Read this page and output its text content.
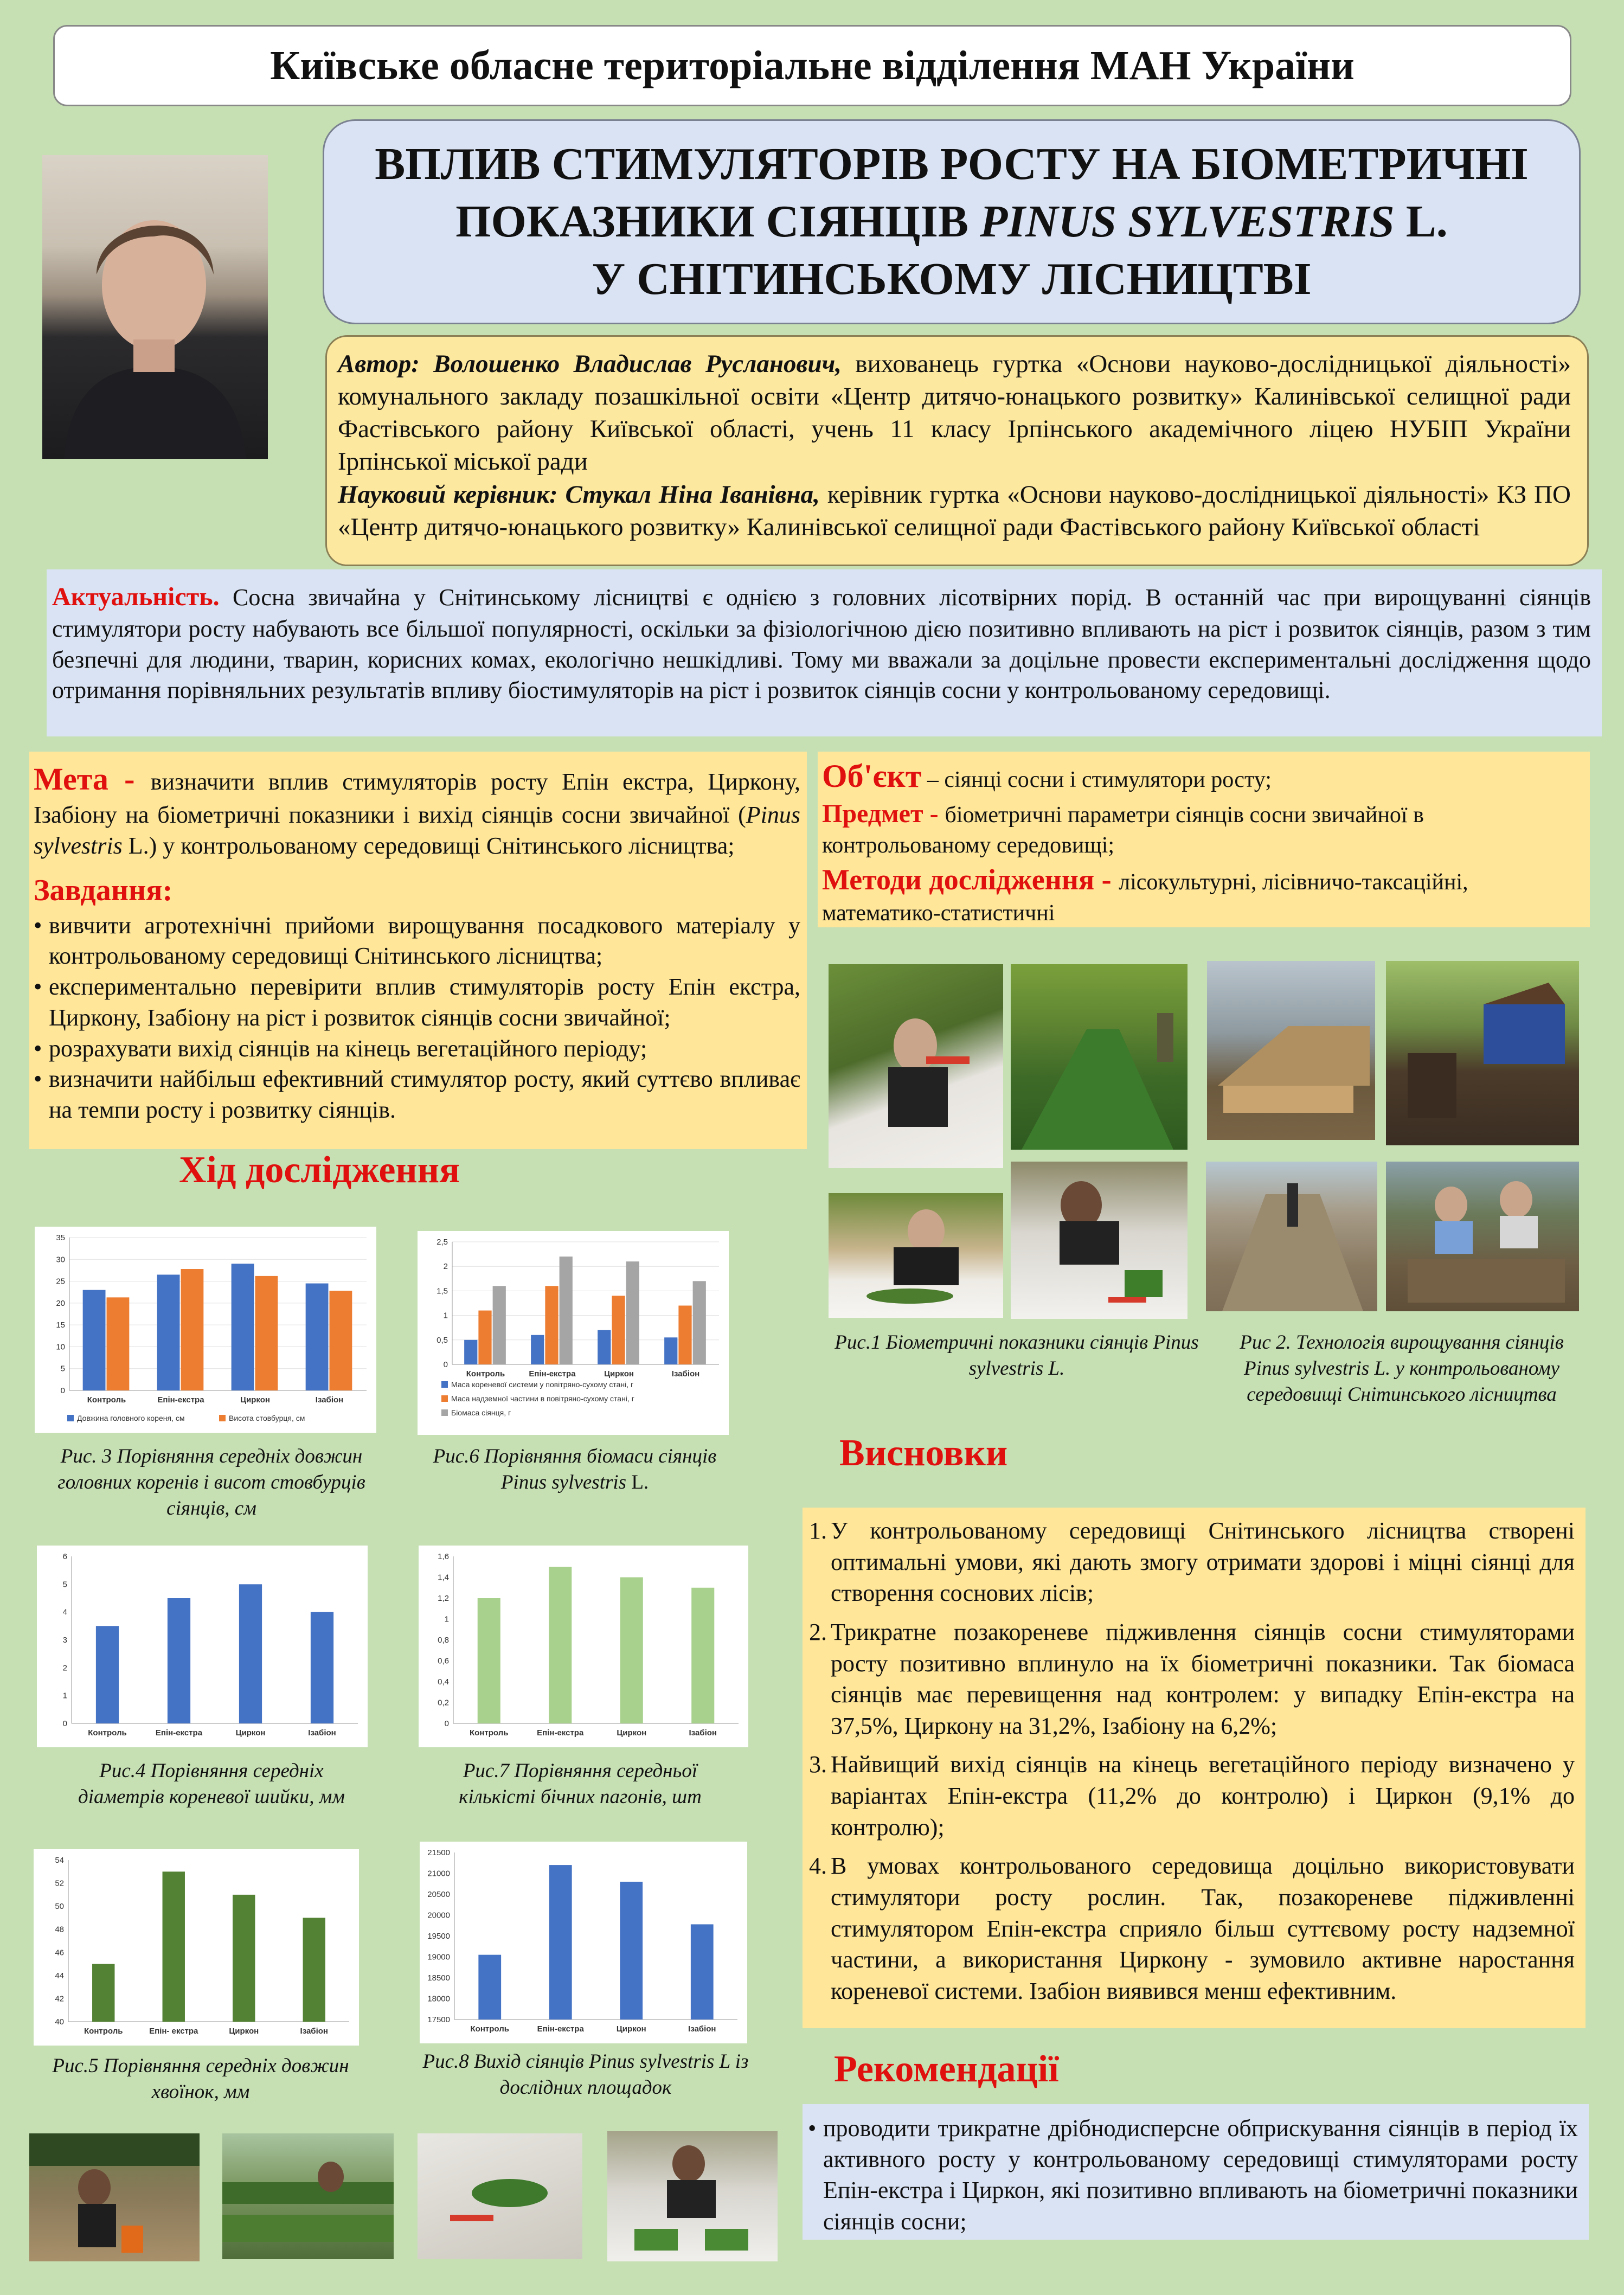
Київське обласне територіальне відділення МАН України
ВПЛИВ СТИМУЛЯТОРІВ РОСТУ НА БІОМЕТРИЧНІ
ПОКАЗНИКИ СІЯНЦІВ PINUS SYLVESTRIS L.
У СНІТИНСЬКОМУ ЛІСНИЦТВІ

Автор: Волошенко Владислав Русланович, вихованець гуртка «Основи науково-дослідницької діяльності» комунального закладу позашкільної освіти «Центр дитячо-юнацького розвитку» Калинівської селищної ради Фастівського району Київської області, учень 11 класу Ірпінського академічного ліцею НУБІП України Ірпінської міської ради

Науковий керівник: Стукал Ніна Іванівна, керівник гуртка «Основи науково-дослідницької діяльності» КЗ ПО «Центр дитячо-юнацького розвитку» Калинівської селищної ради Фастівського району Київської області

Актуальність. Сосна звичайна у Снітинському лісництві є однією з головних лісотвірних порід. В останній час при вирощуванні сіянців стимулятори росту набувають все більшої популярності, оскільки за фізіологічною дією позитивно впливають на ріст і розвиток сіянців, разом з тим безпечні для людини, тварин, корисних комах, екологічно нешкідливі. Тому ми вважали за доцільне провести експериментальні дослідження щодо отримання порівняльних результатів впливу біостимуляторів на ріст і розвиток сіянців сосни у контрольованому середовищі.

Мета - визначити вплив стимуляторів росту Епін екстра, Циркону, Ізабіону на біометричні показники і вихід сіянців сосни звичайної (Pinus sylvestris L.) у контрольованому середовищі Снітинського лісництва;

Завдання:

• вивчити агротехнічні прийоми вирощування посадкового матеріалу у контрольованому середовищі Снітинського лісництва;
• експериментально перевірити вплив стимуляторів росту Епін екстра, Циркону, Ізабіону на ріст і розвиток сіянців сосни звичайної;
• розрахувати вихід сіянців на кінець вегетаційного періоду;
• визначити найбільш ефективний стимулятор росту, який суттєво впливає на темпи росту і розвитку сіянців.

Об'єкт – сіянці сосни і стимулятори росту;

Предмет - біометричні параметри сіянців сосни звичайної в контрольованому середовищі;

Методи дослідження - лісокультурні, лісівничо-таксаційні, математико-статистичні

Рис.1 Біометричні показники сіянців Pinus sylvestris L.
Рис 2. Технологія вирощування сіянців Pinus sylvestris L. у контрольованому середовищі Снітинського лісництва
Хід дослідження
0
5
10
15
20
25
30
35
Контроль	Епін-екстра	Циркон	Ізабіон
Довжина головного кореня, см	Висота стовбурця, см
0
0,5
1
1,5
2
2,5
Контроль	Епін-екстра	Циркон	Ізабіон
Маса кореневої системи у повітряно-сухому стані, г
Маса надземної частини в повітряно-сухому стані, г
Біомаса сіянця, г
0
1
2
3
4
5
6
Контроль	Епін-екстра	Циркон	Ізабіон
0
0,2
0,4
0,6
0,8
1
1,2
1,4
1,6
Контроль	Епін-екстра	Циркон	Ізабіон
40
42
44
46
48
50
52
54
Контроль	Епін- екстра	Циркон	Ізабіон
17500
18000
18500
19000
19500
20000
20500
21000
21500
Контроль	Епін-екстра	Циркон	Ізабіон
Рис. 3 Порівняння середніх довжин головних коренів і висот стовбурців сіянців, см
Рис.6 Порівняння біомаси сіянців
Pinus sylvestris L.
Рис.4 Порівняння середніх діаметрів кореневої шийки, мм
Рис.7 Порівняння середньої кількісті бічних пагонів, шт
Рис.5 Порівняння середніх довжин хвоїнок, мм
Рис.8 Вихід сіянців Pinus sylvestris L із дослідних площадок
Висновки
1. У контрольованому середовищі Снітинського лісництва створені оптимальні умови, які дають змогу отримати здорові і міцні сіянці для створення соснових лісів;
2. Трикратне позакореневе підживлення сіянців сосни стимуляторами росту позитивно вплинуло на їх біометричні показники. Так біомаса сіянців має перевищення над контролем: у випадку Епін-екстра на 37,5%, Циркону на 31,2%, Ізабіону на 6,2%;
3. Найвищий вихід сіянців на кінець вегетаційного періоду визначено у варіантах Епін-екстра (11,2% до контролю) і Циркон (9,1% до контролю);
4. В умовах контрольованого середовища доцільно використовувати стимулятори росту рослин. Так, позакореневе підживленні стимулятором Епін-екстра сприяло більш суттєвому росту надземної частини, а використання Циркону - зумовило активне наростання кореневої системи. Ізабіон виявився менш ефективним.
Рекомендації
• проводити трикратне дрібнодисперсне обприскування сіянців в період їх активного росту у контрольованому середовищі стимуляторами росту Епін-екстра і Циркон, які позитивно впливають на біометричні показники сіянців сосни;
